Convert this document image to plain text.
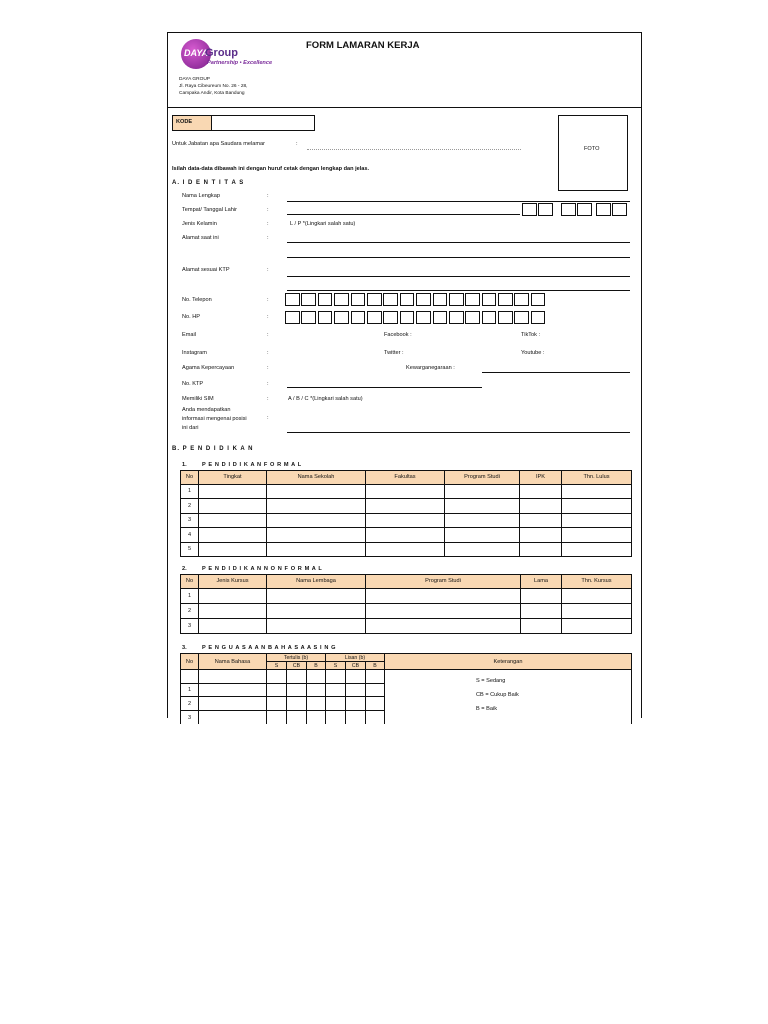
DAYA
Group
Partnership • Excellence
FORM LAMARAN KERJA
DAYA GROUP
Jl. Raya Cibeureum No. 26 - 28,
Campaka Andir, Kota Bandung
KODE
FOTO
Untuk Jabatan apa Saudara melamar	:
Isilah data-data dibawah ini dengan huruf cetak dengan lengkap dan jelas.
A. I D E N T I T A S
Nama Lengkap	:
Tempat/ Tanggal Lahir	:
Jenis Kelamin	:	L / P *(Lingkari salah satu)
Alamat saat ini	:
Alamat sesuai KTP	:
No. Telepon	:
No. HP	:
Email	:	Facebook :	TikTok :
Instagram	:	Twitter :	Youtube :
Agama Kepercayaan	:	Kewarganegaraan :
No. KTP	:
Memiliki SIM	:	A / B / C *(Lingkari salah satu)
Anda mendapatkan
informasi mengenai posisi
ini dari
:
B. P E N D I D I K A N
1.	P E N D I D I K A N F O R M A L
No	Tingkat	Nama Sekolah	Fakultas	Program Studi	IPK	Thn. Lulus
1						
2						
3						
4						
5						
2.	P E N D I D I K A N N O N F O R M A L
No	Jenis Kursus	Nama Lembaga	Program Studi	Lama	Thn. Kursus
1					
2					
3					
3.	P E N G U A S A A N B A H A S A A S I N G
No	Nama Bahasa	Tertulis (b)			Lisan (b)			Keterangan
		S	CB	B	S	CB	B	

								S = Sedang
CB = Cukup Baik
B = Baik

1								
2								
3								
